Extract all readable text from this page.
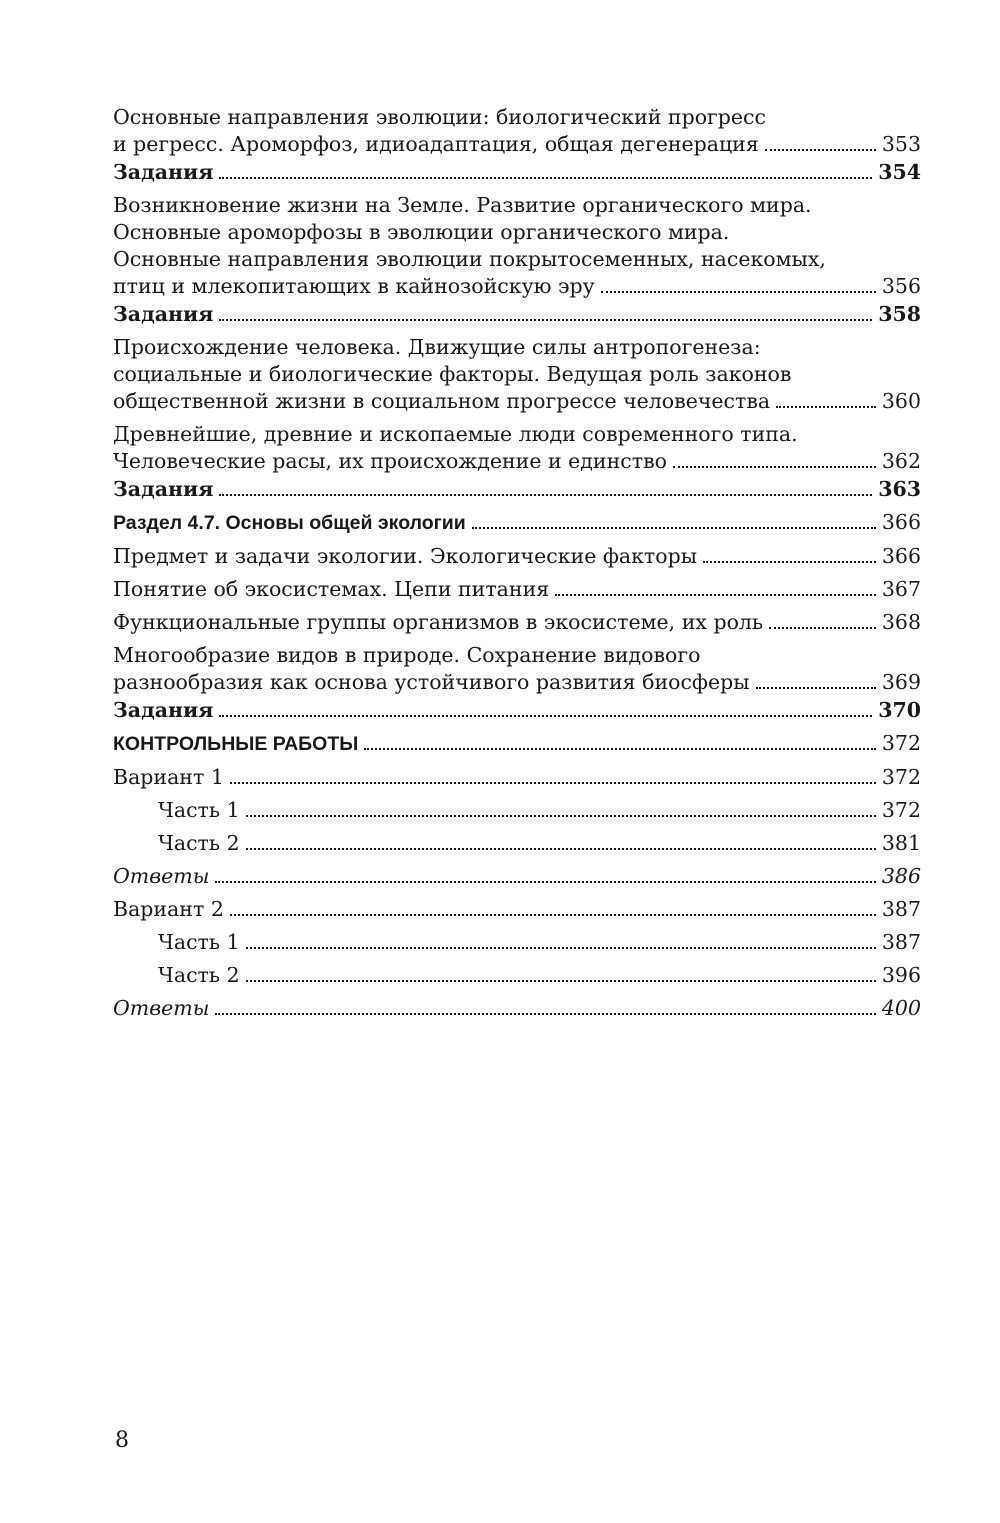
Основные направления эволюции: биологический прогресс
и регресс. Ароморфоз, идиоадаптация, общая дегенерация	353
Задания	354
Возникновение жизни на Земле. Развитие органического мира.
Основные ароморфозы в эволюции органического мира.
Основные направления эволюции покрытосеменных, насекомых,
птиц и млекопитающих в кайнозойскую эру	356
Задания	358
Происхождение человека. Движущие силы антропогенеза:
социальные и биологические факторы. Ведущая роль законов
общественной жизни в социальном прогрессе человечества	360
Древнейшие, древние и ископаемые люди современного типа.
Человеческие расы, их происхождение и единство	362
Задания	363
Раздел 4.7. Основы общей экологии	366
Предмет и задачи экологии. Экологические факторы	366
Понятие об экосистемах. Цепи питания	367
Функциональные группы организмов в экосистеме, их роль	368
Многообразие видов в природе. Сохранение видового
разнообразия как основа устойчивого развития биосферы	369
Задания	370
КОНТРОЛЬНЫЕ РАБОТЫ	372
Вариант 1	372
Часть 1	372
Часть 2	381
Ответы	386
Вариант 2	387
Часть 1	387
Часть 2	396
Ответы	400
8
